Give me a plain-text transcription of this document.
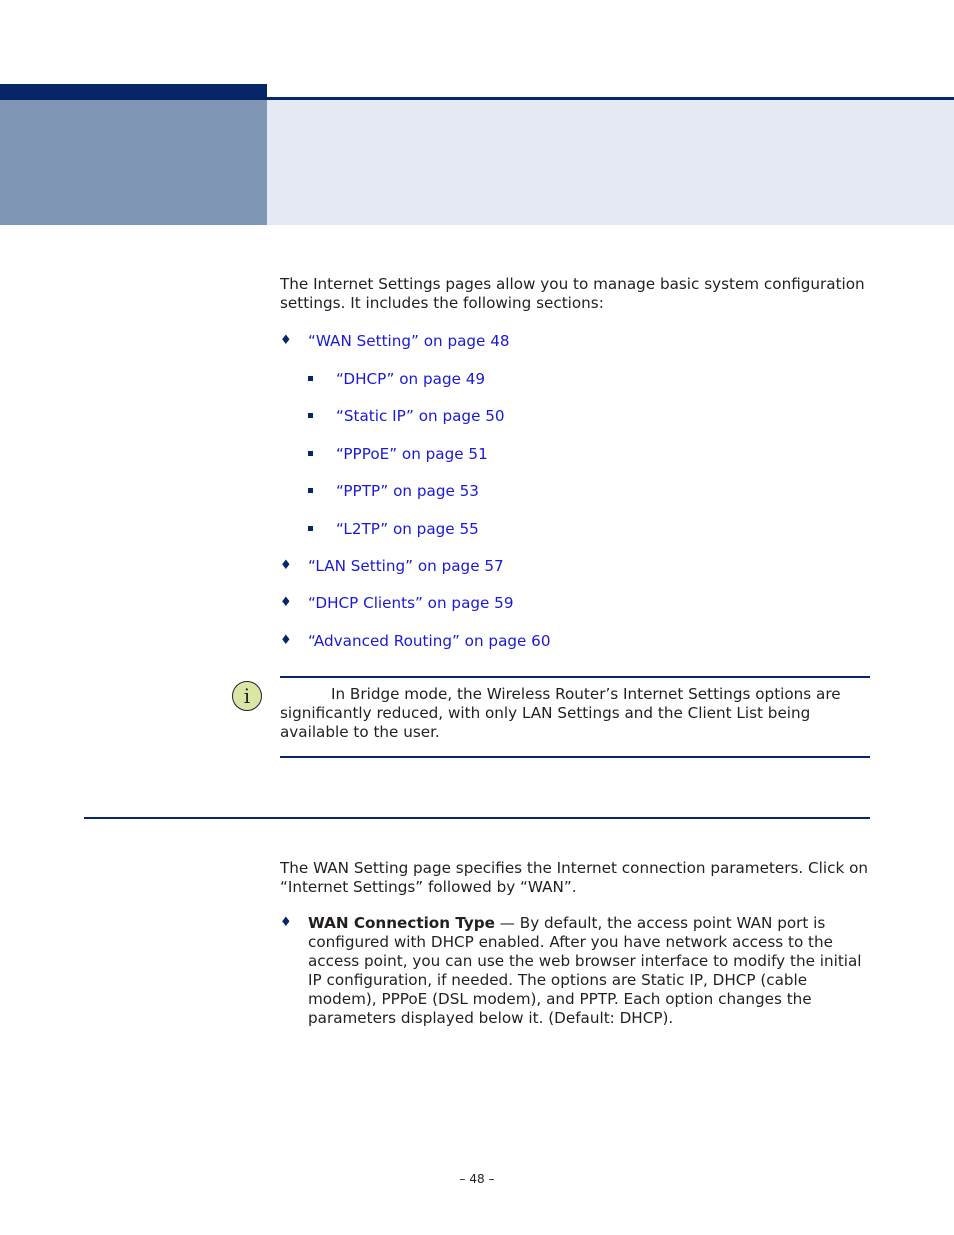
The Internet Settings pages allow you to manage basic system configuration settings. It includes the following sections:

♦ “WAN Setting” on page 48
“DHCP” on page 49
“Static IP” on page 50
“PPPoE” on page 51
“PPTP” on page 53
“L2TP” on page 55
♦ “LAN Setting” on page 57
♦ “DHCP Clients” on page 59
♦ “Advanced Routing” on page 60
i	In Bridge mode, the Wireless Router’s Internet Settings options are significantly reduced, with only LAN Settings and the Client List being available to the user.

The WAN Setting page specifies the Internet connection parameters. Click on “Internet Settings” followed by “WAN”.

♦	WAN Connection Type — By default, the access point WAN port is configured with DHCP enabled. After you have network access to the access point, you can use the web browser interface to modify the initial IP configuration, if needed. The options are Static IP, DHCP (cable modem), PPPoE (DSL modem), and PPTP. Each option changes the parameters displayed below it. (Default: DHCP).

– 48 –
